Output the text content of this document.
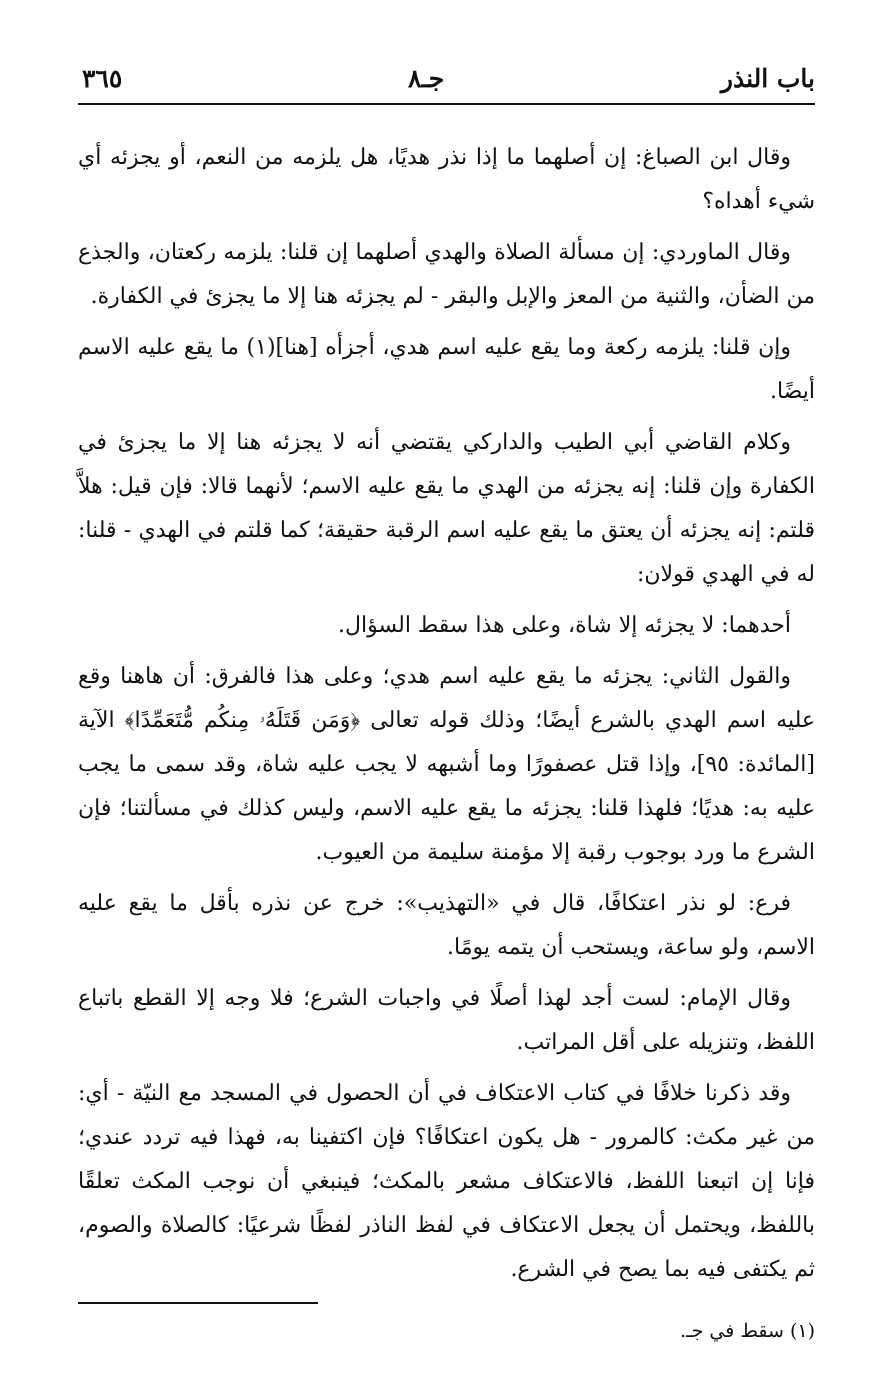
باب النذر
جـ٨
٣٦٥

وقال ابن الصباغ: إن أصلهما ما إذا نذر هديًا، هل يلزمه من النعم، أو يجزئه أي شيء أهداه؟

وقال الماوردي: إن مسألة الصلاة والهدي أصلهما إن قلنا: يلزمه ركعتان، والجذع من الضأن، والثنية من المعز والإبل والبقر - لم يجزئه هنا إلا ما يجزئ في الكفارة.

وإن قلنا: يلزمه ركعة وما يقع عليه اسم هدي، أجزأه [هنا](١) ما يقع عليه الاسم أيضًا.

وكلام القاضي أبي الطيب والداركي يقتضي أنه لا يجزئه هنا إلا ما يجزئ في الكفارة وإن قلنا: إنه يجزئه من الهدي ما يقع عليه الاسم؛ لأنهما قالا: فإن قيل: هلاَّ قلتم: إنه يجزئه أن يعتق ما يقع عليه اسم الرقبة حقيقة؛ كما قلتم في الهدي - قلنا: له في الهدي قولان:

أحدهما: لا يجزئه إلا شاة، وعلى هذا سقط السؤال.

والقول الثاني: يجزئه ما يقع عليه اسم هدي؛ وعلى هذا فالفرق: أن هاهنا وقع عليه اسم الهدي بالشرع أيضًا؛ وذلك قوله تعالى ﴿وَمَن قَتَلَهُۥ مِنكُم مُّتَعَمِّدًا﴾ الآية [المائدة: ٩٥]، وإذا قتل عصفورًا وما أشبهه لا يجب عليه شاة، وقد سمى ما يجب عليه به: هديًا؛ فلهذا قلنا: يجزئه ما يقع عليه الاسم، وليس كذلك في مسألتنا؛ فإن الشرع ما ورد بوجوب رقبة إلا مؤمنة سليمة من العيوب.

فرع: لو نذر اعتكافًا، قال في «التهذيب»: خرج عن نذره بأقل ما يقع عليه الاسم، ولو ساعة، ويستحب أن يتمه يومًا.

وقال الإمام: لست أجد لهذا أصلًا في واجبات الشرع؛ فلا وجه إلا القطع باتباع اللفظ، وتنزيله على أقل المراتب.

وقد ذكرنا خلافًا في كتاب الاعتكاف في أن الحصول في المسجد مع النيّة - أي: من غير مكث: كالمرور - هل يكون اعتكافًا؟ فإن اكتفينا به، فهذا فيه تردد عندي؛ فإنا إن اتبعنا اللفظ، فالاعتكاف مشعر بالمكث؛ فينبغي أن نوجب المكث تعلقًا باللفظ، ويحتمل أن يجعل الاعتكاف في لفظ الناذر لفظًا شرعيًا: كالصلاة والصوم، ثم يكتفى فيه بما يصح في الشرع.

(١) سقط في جـ.
